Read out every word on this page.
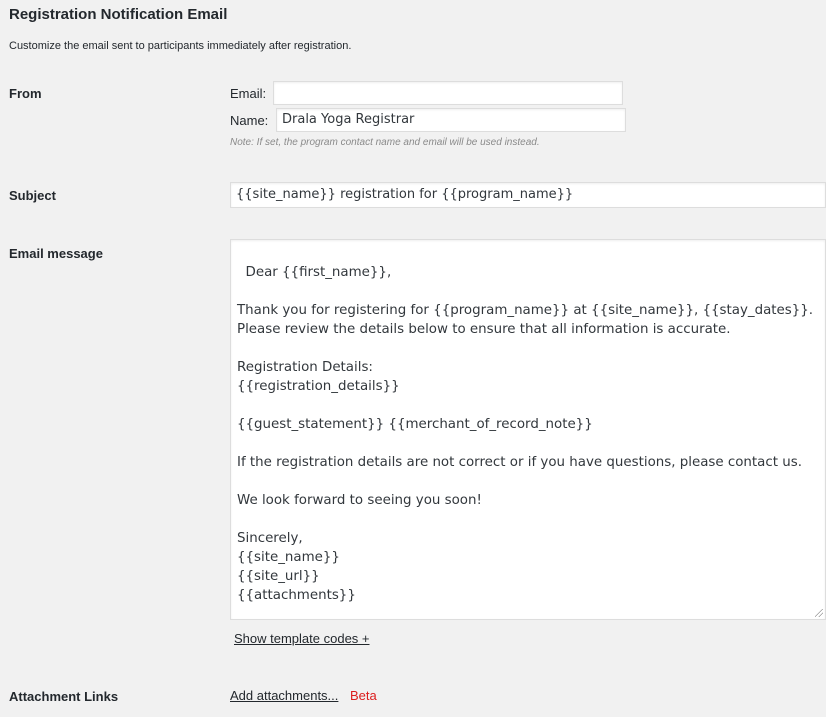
Registration Notification Email
Customize the email sent to participants immediately after registration.
From	Email:
Name:	Drala Yoga Registrar
Note: If set, the program contact name and email will be used instead.
Subject	{{site_name}} registration for {{program_name}}
Email message

Dear {{first_name}},

Thank you for registering for {{program_name}} at {{site_name}}, {{stay_dates}}.
Please review the details below to ensure that all information is accurate.

Registration Details:
{{registration_details}}

{{guest_statement}} {{merchant_of_record_note}}

If the registration details are not correct or if you have questions, please contact us.

We look forward to seeing you soon!

Sincerely,
{{site_name}}
{{site_url}}
{{attachments}}

Show template codes +
Attachment Links	Add attachments... Beta
